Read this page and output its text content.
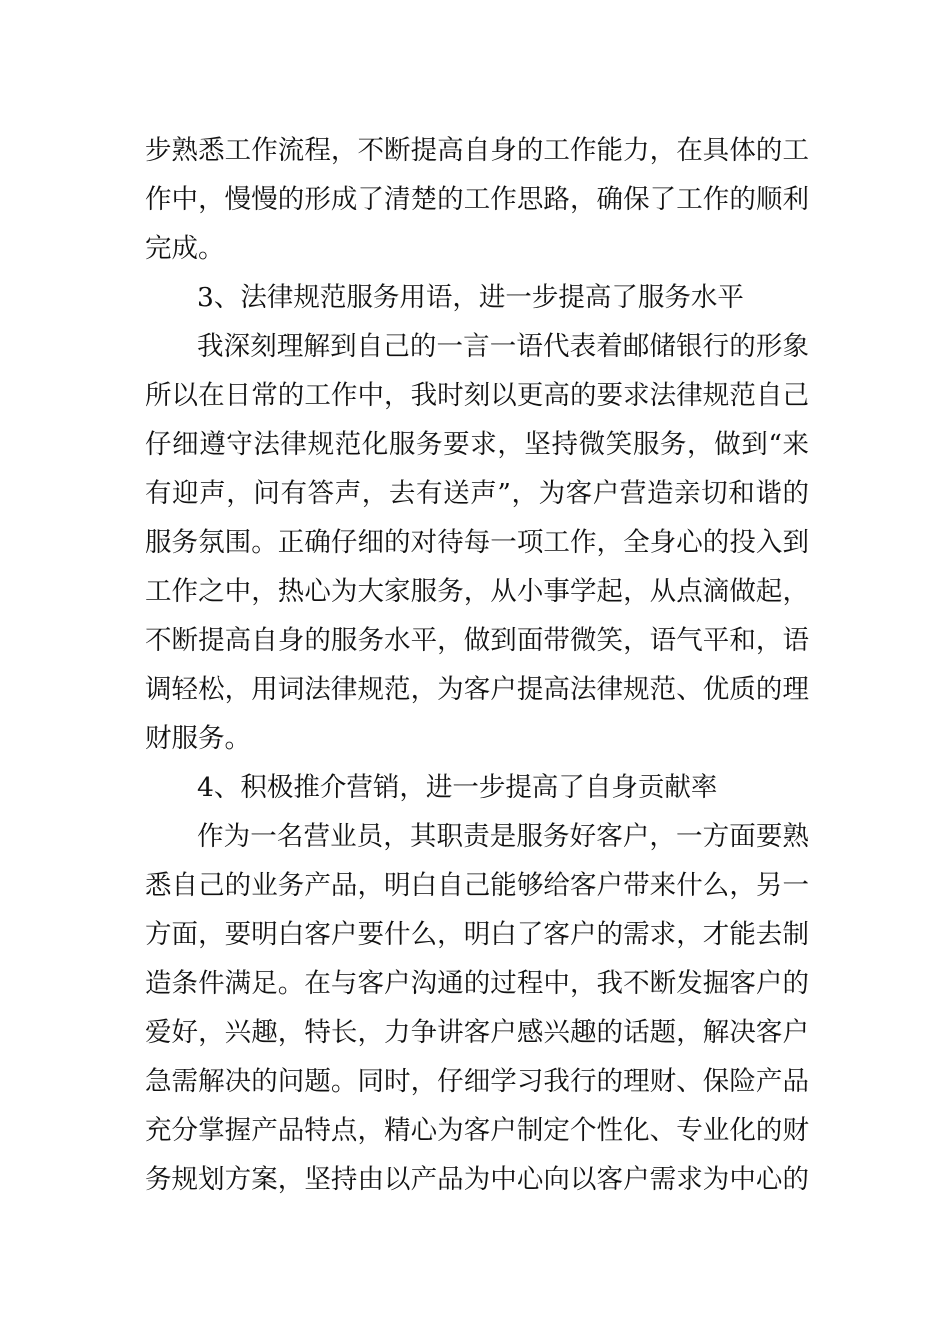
步熟悉工作流程，不断提高自身的工作能力，在具体的工
作中，慢慢的形成了清楚的工作思路，确保了工作的顺利
完成。
3、法律规范服务用语，进一步提高了服务水平
我深刻理解到自己的一言一语代表着邮储银行的形象
所以在日常的工作中，我时刻以更高的要求法律规范自己
仔细遵守法律规范化服务要求，坚持微笑服务，做到“来
有迎声，问有答声，去有送声”，为客户营造亲切和谐的
服务氛围。正确仔细的对待每一项工作，全身心的投入到
工作之中，热心为大家服务，从小事学起，从点滴做起，
不断提高自身的服务水平，做到面带微笑，语气平和，语
调轻松，用词法律规范，为客户提高法律规范、优质的理
财服务。
4、积极推介营销，进一步提高了自身贡献率
作为一名营业员，其职责是服务好客户，一方面要熟
悉自己的业务产品，明白自己能够给客户带来什么，另一
方面，要明白客户要什么，明白了客户的需求，才能去制
造条件满足。在与客户沟通的过程中，我不断发掘客户的
爱好，兴趣，特长，力争讲客户感兴趣的话题，解决客户
急需解决的问题。同时，仔细学习我行的理财、保险产品
充分掌握产品特点，精心为客户制定个性化、专业化的财
务规划方案，坚持由以产品为中心向以客户需求为中心的
